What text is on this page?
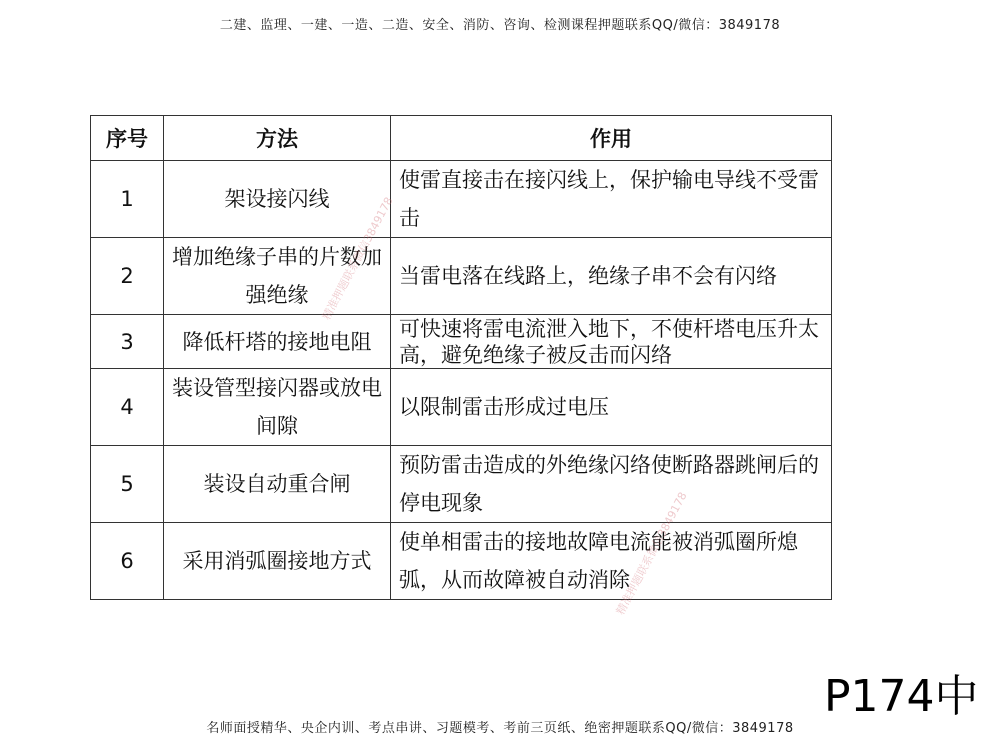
二建、监理、一建、一造、二造、安全、消防、咨询、检测课程押题联系QQ/微信：3849178
序号	方法	作用
1	架设接闪线	使雷直接击在接闪线上，保护输电导线不受雷击
2	增加绝缘子串的片数加强绝缘	当雷电落在线路上，绝缘子串不会有闪络
3	降低杆塔的接地电阻	可快速将雷电流泄入地下，不使杆塔电压升太高，避免绝缘子被反击而闪络
4	装设管型接闪器或放电间隙	以限制雷击形成过电压
5	装设自动重合闸	预防雷击造成的外绝缘闪络使断路器跳闸后的停电现象
6	采用消弧圈接地方式	使单相雷击的接地故障电流能被消弧圈所熄弧，从而故障被自动消除
精准押题联系微信3849178
精准押题联系微信3849178
P174中
名师面授精华、央企内训、考点串讲、习题模考、考前三页纸、绝密押题联系QQ/微信：3849178
